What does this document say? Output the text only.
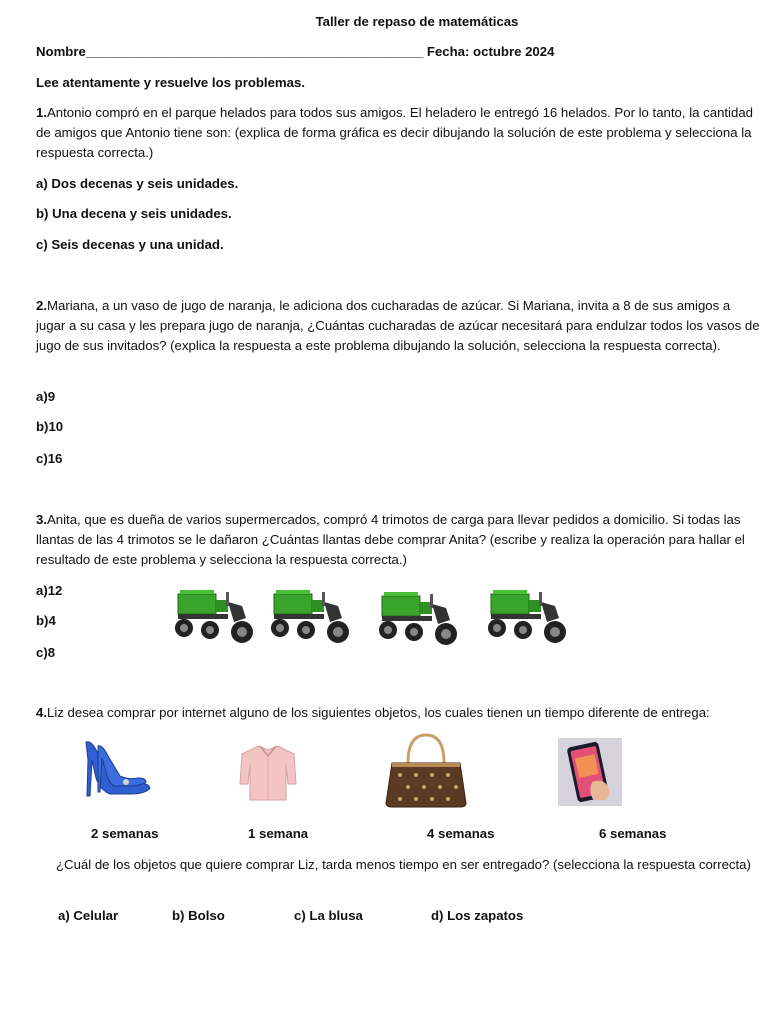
Taller de repaso de matemáticas
Nombre______________________________________________ Fecha: octubre 2024
Lee atentamente y resuelve los problemas.
1.Antonio compró en el parque helados para todos sus amigos. El heladero le entregó 16 helados. Por lo tanto, la cantidad de amigos que Antonio tiene son: (explica de forma gráfica es decir dibujando la solución de este problema y selecciona la respuesta correcta.)
a) Dos decenas y seis unidades.
b) Una decena y seis unidades.
c) Seis decenas y una unidad.
2.Mariana, a un vaso de jugo de naranja, le adiciona dos cucharadas de azúcar. Si Mariana, invita a 8 de sus amigos a jugar a su casa y les prepara jugo de naranja, ¿Cuántas cucharadas de azúcar necesitará para endulzar todos los vasos de jugo de sus invitados? (explica la respuesta a este problema dibujando la solución, selecciona la respuesta correcta).
a)9
b)10
c)16
3.Anita, que es dueña de varios supermercados, compró 4 trimotos de carga para llevar pedidos a domicilio. Si todas las llantas de las 4 trimotos se le dañaron ¿Cuántas llantas debe comprar Anita? (escribe y realiza la operación para hallar el resultado de este problema y selecciona la respuesta correcta.)
a)12
b)4
c)8
4.Liz desea comprar por internet alguno de los siguientes objetos, los cuales tienen un tiempo diferente de entrega:
2 semanas	1 semana	4 semanas	6 semanas
¿Cuál de los objetos que quiere comprar Liz, tarda menos tiempo en ser entregado? (selecciona la respuesta correcta)
a) Celular	b) Bolso	c) La blusa	d) Los zapatos
